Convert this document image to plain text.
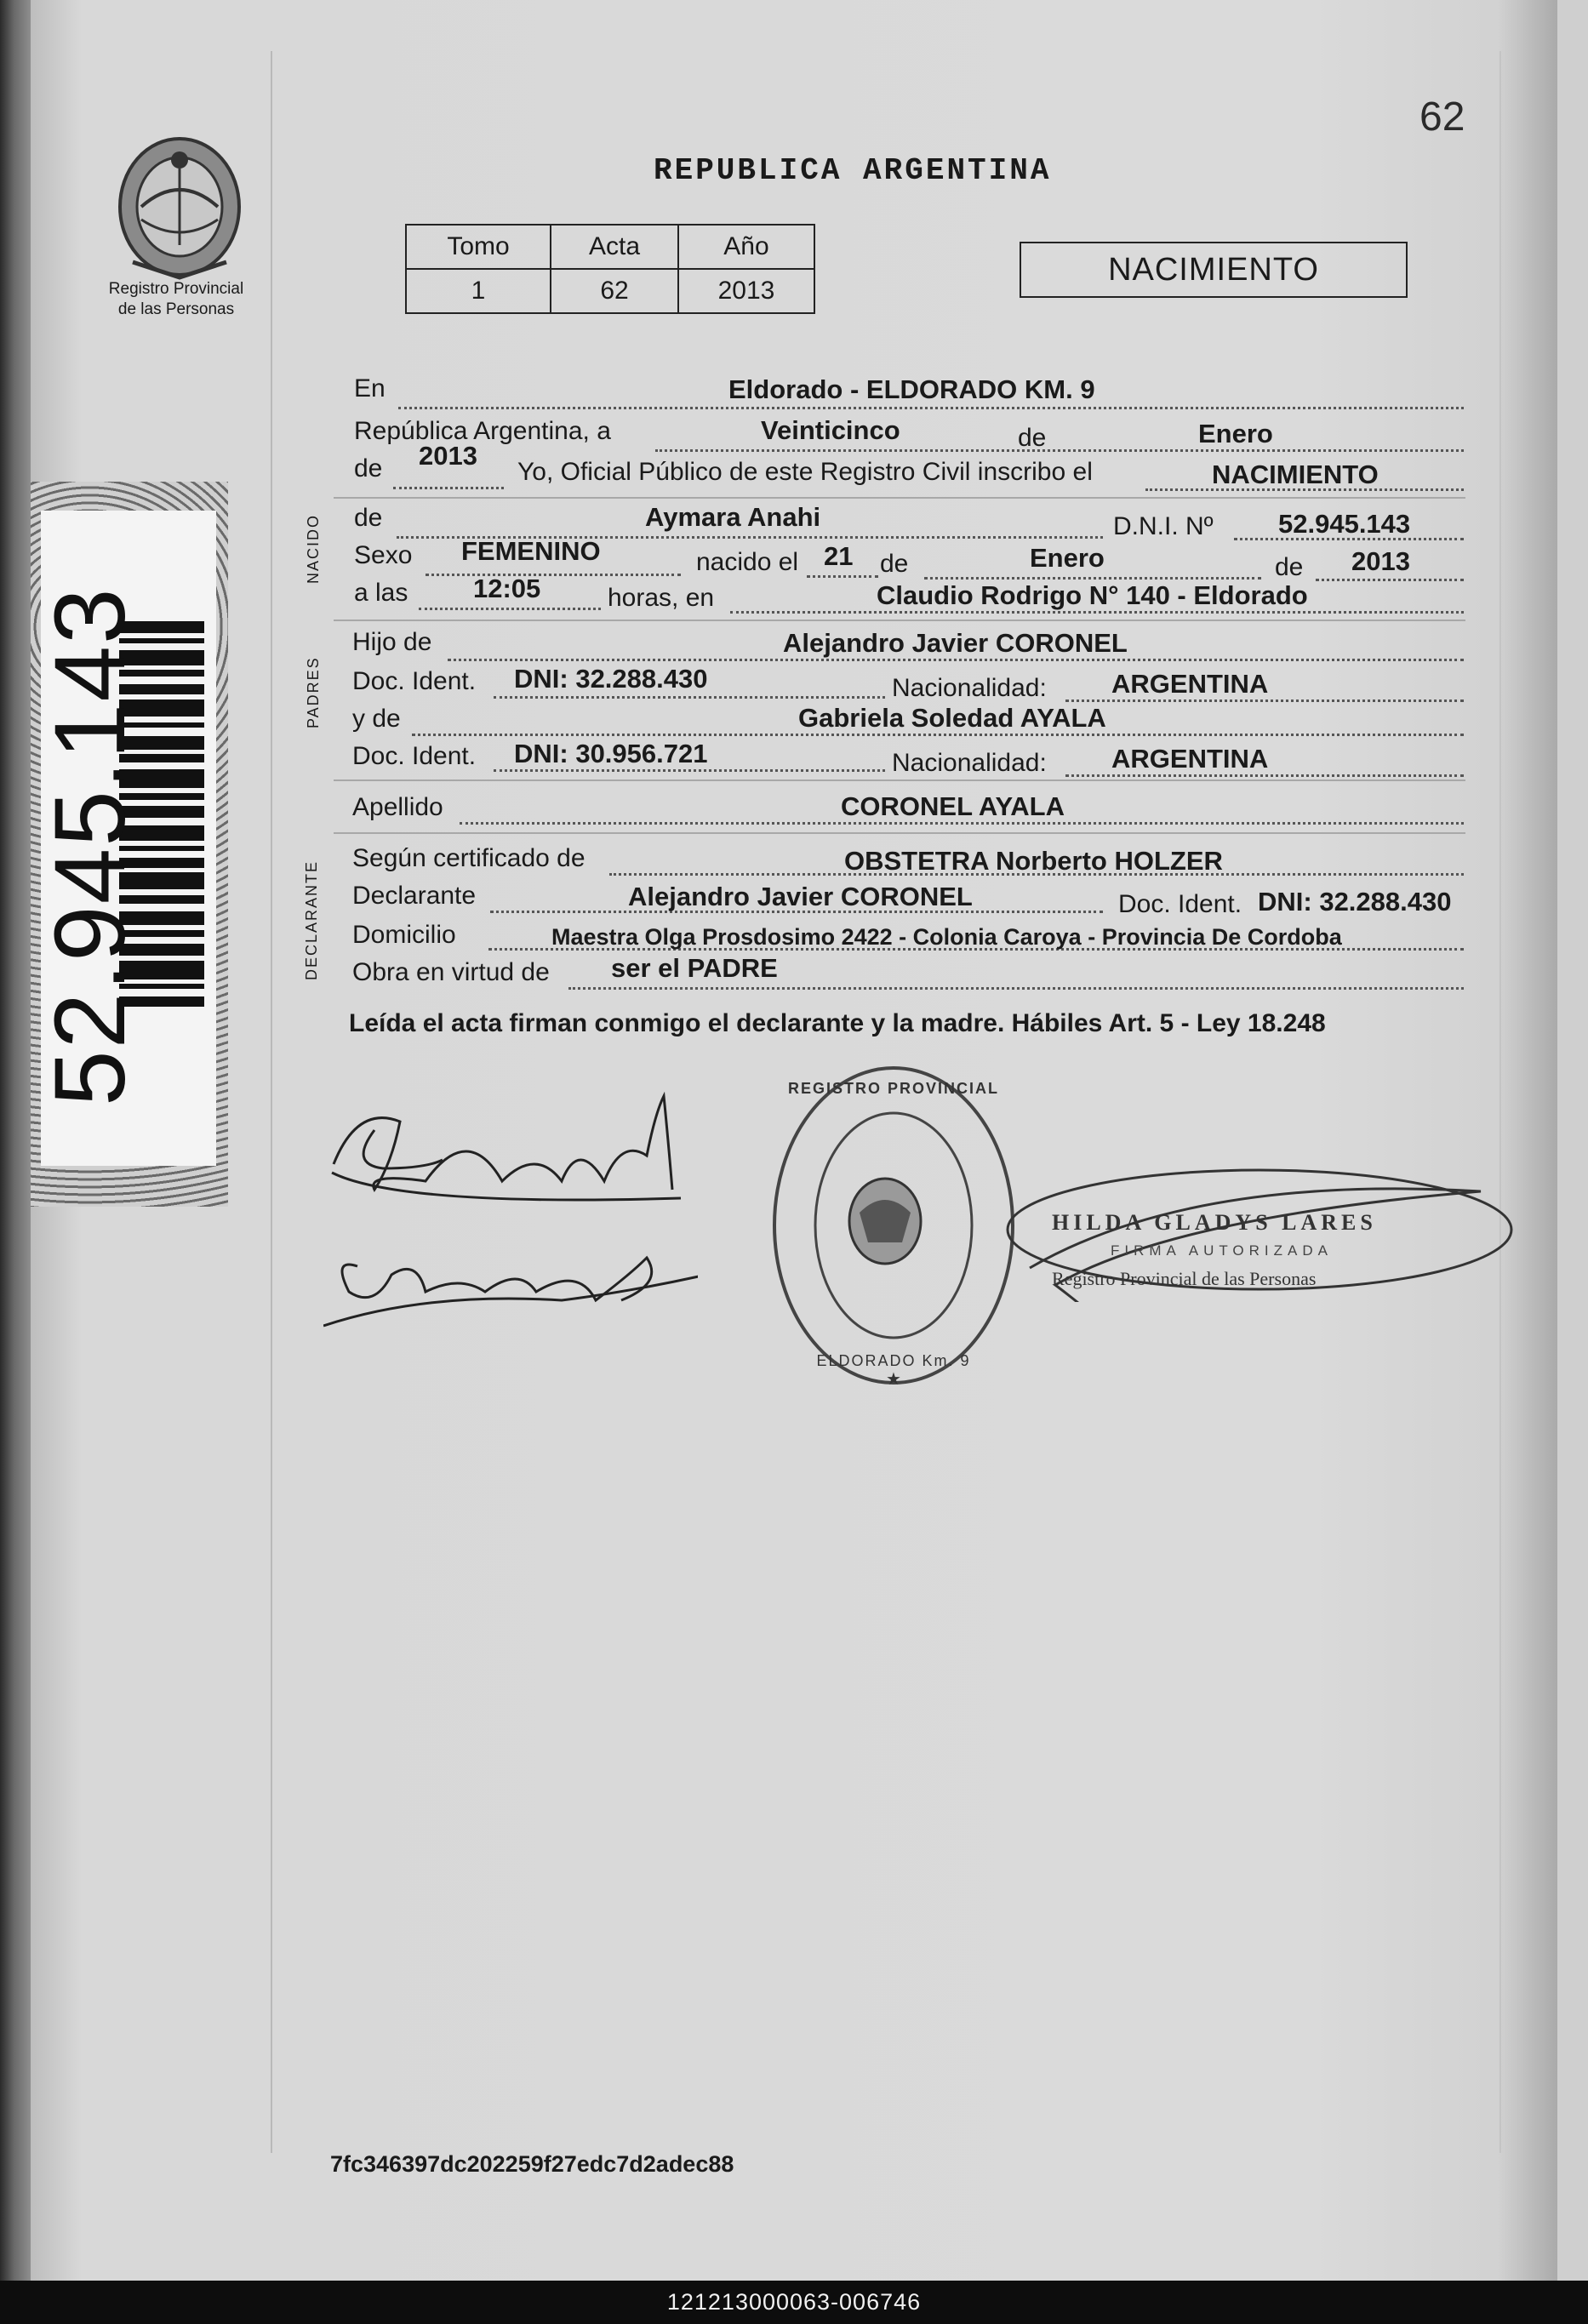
Registro Provincial
de las Personas
62
REPUBLICA ARGENTINA
Tomo	Acta	Año
1	62	2013
NACIMIENTO
En	Eldorado - ELDORADO KM. 9
República Argentina, a	Veinticinco	de	Enero
de 2013
Yo, Oficial Público de este Registro Civil inscribo el	NACIMIENTO
NACIDO de	Aymara Anahi	D.N.I. Nº 52.945.143
Sexo FEMENINO	nacido el 21 de	Enero	de 2013
a las 12:05	horas, en	Claudio Rodrigo N° 140 - Eldorado
PADRES
Hijo de	Alejandro Javier CORONEL
Doc. Ident. DNI: 32.288.430	Nacionalidad: ARGENTINA
y de	Gabriela Soledad AYALA
Doc. Ident. DNI: 30.956.721	Nacionalidad: ARGENTINA
Apellido	CORONEL AYALA
DECLARANTE
Según certificado de	OBSTETRA Norberto HOLZER
Declarante	Alejandro Javier CORONEL	Doc. Ident. DNI: 32.288.430
Domicilio	Maestra Olga Prosdosimo 2422 - Colonia Caroya - Provincia De Cordoba
Obra en virtud de ser el PADRE
Leída el acta firman conmigo el declarante y la madre. Hábiles Art. 5 - Ley 18.248
REGISTRO PROVINCIAL
ELDORADO Km. 9
★
HILDA GLADYS LARES
FIRMA AUTORIZADA
Registro Provincial de las Personas
52.945.143
7fc346397dc202259f27edc7d2adec88
121213000063-006746
